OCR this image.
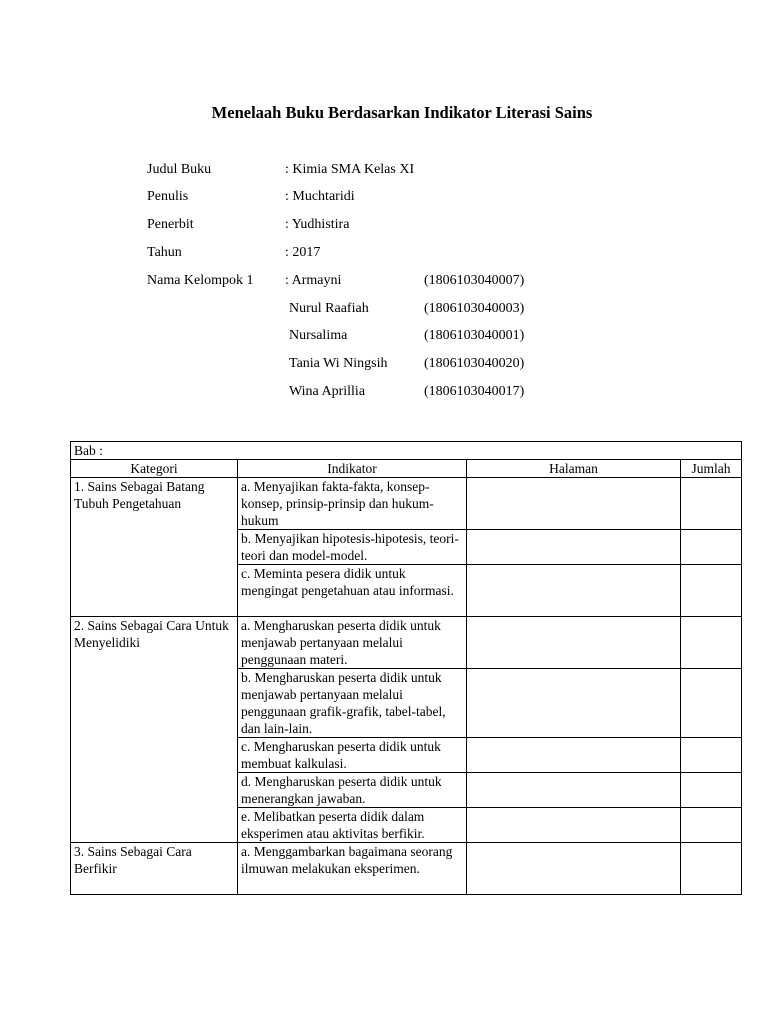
Menelaah Buku Berdasarkan Indikator Literasi Sains
Judul Buku	: Kimia SMA Kelas XI
Penulis	: Muchtaridi
Penerbit	: Yudhistira
Tahun	: 2017
Nama Kelompok 1 : Armayni	(1806103040007)
Nurul Raafiah	(1806103040003)
Nursalima	(1806103040001)
Tania Wi Ningsih	(1806103040020)
Wina Aprillia	(1806103040017)
Bab :			
Kategori	Indikator	Halaman	Jumlah
1. Sains Sebagai Batang Tubuh Pengetahuan	a. Menyajikan fakta-fakta, konsep-konsep, prinsip-prinsip dan hukum-hukum		
	b. Menyajikan hipotesis-hipotesis, teori-teori dan model-model.		
	c. Meminta pesera didik untuk mengingat pengetahuan atau informasi.		
2. Sains Sebagai Cara Untuk Menyelidiki	a. Mengharuskan peserta didik untuk menjawab pertanyaan melalui penggunaan materi.		
	b. Mengharuskan peserta didik untuk menjawab pertanyaan melalui penggunaan grafik-grafik, tabel-tabel, dan lain-lain.		
	c. Mengharuskan peserta didik untuk membuat kalkulasi.		
	d. Mengharuskan peserta didik untuk menerangkan jawaban.		
	e. Melibatkan peserta didik dalam eksperimen atau aktivitas berfikir.		
3. Sains Sebagai Cara Berfikir	a. Menggambarkan bagaimana seorang ilmuwan melakukan eksperimen.		
